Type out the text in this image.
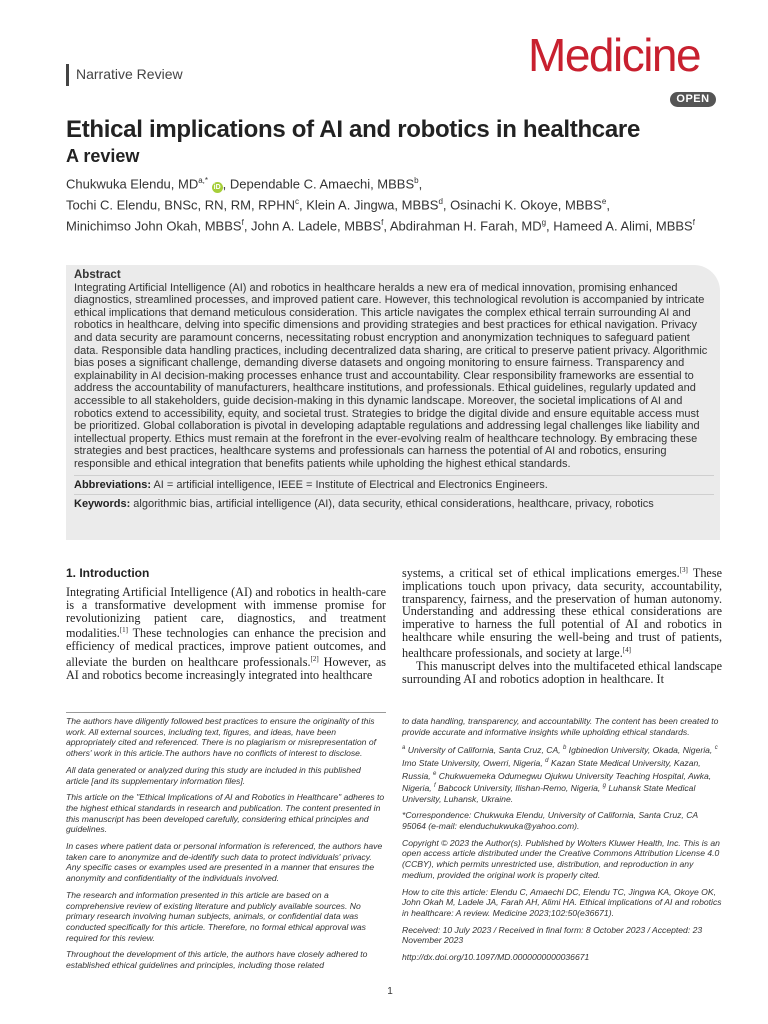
Narrative Review	Medicine
OPEN
Ethical implications of AI and robotics in healthcare
A review
Chukwuka Elendu, $MD^{a,*}$ iD , Dependable C. Amaechi, MBBS$^b$,
Tochi C. Elendu, BNSc, RN, RM, RPHN$^c$, Klein A. Jingwa, MBBS$^d$, Osinachi K. Okoye, MBBS$^e$,
Minichimso John Okah, MBBS$^f$, John A. Ladele, MBBS$^f$, Abdirahman H. Farah, $MD^g$, Hameed A. Alimi, MBBS$^f$
Abstract
Integrating Artificial Intelligence (AI) and robotics in healthcare heralds a new era of medical innovation, promising enhanced diagnostics, streamlined processes, and improved patient care. However, this technological revolution is accompanied by intricate ethical implications that demand meticulous consideration. This article navigates the complex ethical terrain surrounding AI and robotics in healthcare, delving into specific dimensions and providing strategies and best practices for ethical navigation. Privacy and data security are paramount concerns, necessitating robust encryption and anonymization techniques to safeguard patient data. Responsible data handling practices, including decentralized data sharing, are critical to preserve patient privacy. Algorithmic bias poses a significant challenge, demanding diverse datasets and ongoing monitoring to ensure fairness. Transparency and explainability in AI decision-making processes enhance trust and accountability. Clear responsibility frameworks are essential to address the accountability of manufacturers, healthcare institutions, and professionals. Ethical guidelines, regularly updated and accessible to all stakeholders, guide decision-making in this dynamic landscape. Moreover, the societal implications of AI and robotics extend to accessibility, equity, and societal trust. Strategies to bridge the digital divide and ensure equitable access must be prioritized. Global collaboration is pivotal in developing adaptable regulations and addressing legal challenges like liability and intellectual property. Ethics must remain at the forefront in the ever-evolving realm of healthcare technology. By embracing these strategies and best practices, healthcare systems and professionals can harness the potential of AI and robotics, ensuring responsible and ethical integration that benefits patients while upholding the highest ethical standards.
Abbreviations: AI = artificial intelligence, IEEE = Institute of Electrical and Electronics Engineers.
Keywords: algorithmic bias, artificial intelligence (AI), data security, ethical considerations, healthcare, privacy, robotics
1. Introduction
Integrating Artificial Intelligence (AI) and robotics in health-care is a transformative development with immense promise for revolutionizing patient care, diagnostics, and treatment modalities.[1] These technologies can enhance the precision and efficiency of medical practices, improve patient outcomes, and alleviate the burden on healthcare professionals.[2] However, as AI and robotics become increasingly integrated into healthcare
systems, a critical set of ethical implications emerges.[3] These implications touch upon privacy, data security, accountability, transparency, fairness, and the preservation of human autonomy. Understanding and addressing these ethical considerations are imperative to harness the full potential of AI and robotics in healthcare while ensuring the well-being and trust of patients, healthcare professionals, and society at large.[4]
This manuscript delves into the multifaceted ethical landscape surrounding AI and robotics adoption in healthcare. It

The authors have diligently followed best practices to ensure the originality of this work. All external sources, including text, figures, and ideas, have been appropriately cited and referenced. There is no plagiarism or misrepresentation of others' work in this article.The authors have no conflicts of interest to disclose.

All data generated or analyzed during this study are included in this published article [and its supplementary information files].

This article on the "Ethical Implications of AI and Robotics in Healthcare" adheres to the highest ethical standards in research and publication. The content presented in this manuscript has been developed carefully, considering ethical principles and guidelines.

In cases where patient data or personal information is referenced, the authors have taken care to anonymize and de-identify such data to protect individuals' privacy. Any specific cases or examples used are presented in a manner that ensures the anonymity and confidentiality of the individuals involved.

The research and information presented in this article are based on a comprehensive review of existing literature and publicly available sources. No primary research involving human subjects, animals, or confidential data was conducted specifically for this article. Therefore, no formal ethical approval was required for this review.

Throughout the development of this article, the authors have closely adhered to established ethical guidelines and principles, including those related

to data handling, transparency, and accountability. The content has been created to provide accurate and informative insights while upholding ethical standards.

$^a$ University of California, Santa Cruz, CA, $^b$ Igbinedion University, Okada, Nigeria, $^c$ Imo State University, Owerri, Nigeria, $^d$ Kazan State Medical University, Kazan, Russia, $^e$ Chukwuemeka Odumegwu Ojukwu University Teaching Hospital, Awka, Nigeria, $^f$ Babcock University, Ilishan-Remo, Nigeria, $^g$ Luhansk State Medical University, Luhansk, Ukraine.

*Correspondence: Chukwuka Elendu, University of California, Santa Cruz, CA 95064 (e-mail: elenduchukwuka@yahoo.com).

Copyright © 2023 the Author(s). Published by Wolters Kluwer Health, Inc. This is an open access article distributed under the Creative Commons Attribution License 4.0 (CCBY), which permits unrestricted use, distribution, and reproduction in any medium, provided the original work is properly cited.

How to cite this article: Elendu C, Amaechi DC, Elendu TC, Jingwa KA, Okoye OK, John Okah M, Ladele JA, Farah AH, Alimi HA. Ethical implications of AI and robotics in healthcare: A review. Medicine 2023;102:50(e36671).

Received: 10 July 2023 / Received in final form: 8 October 2023 / Accepted: 23 November 2023

http://dx.doi.org/10.1097/MD.0000000000036671

1
